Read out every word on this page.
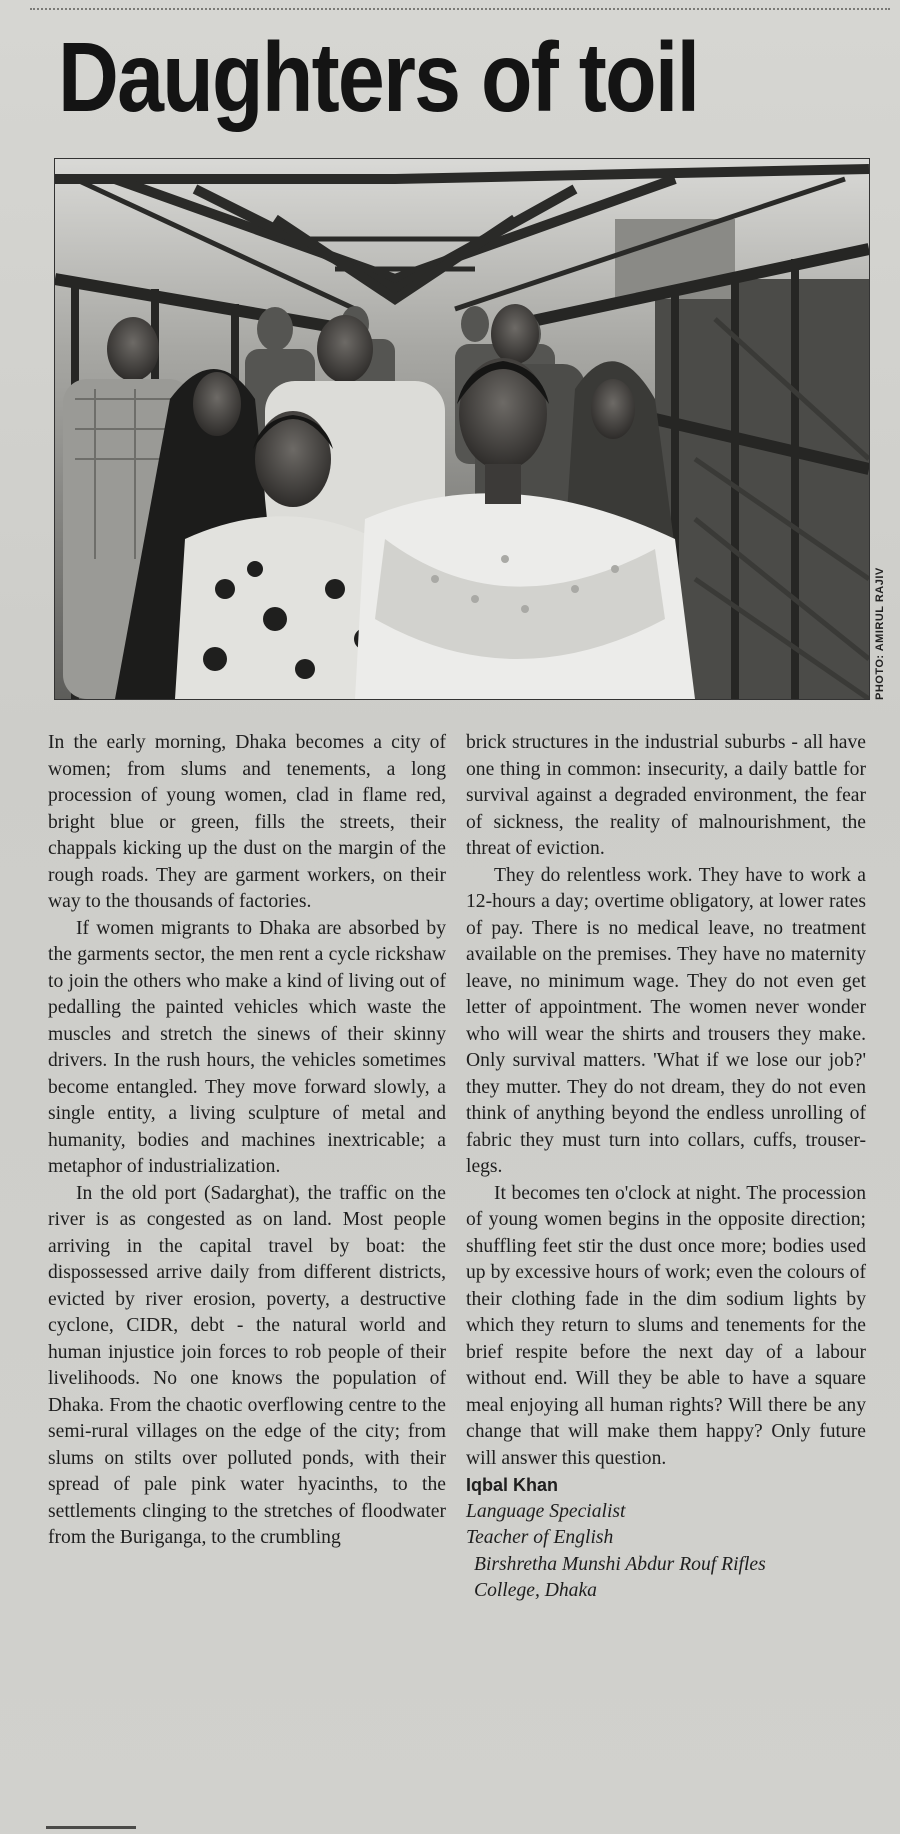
Daughters of toil
PHOTO: AMIRUL RAJIV

In the early morning, Dhaka becomes a city of women; from slums and tenements, a long procession of young women, clad in flame red, bright blue or green, fills the streets, their chappals kicking up the dust on the margin of the rough roads. They are garment workers, on their way to the thousands of factories.

If women migrants to Dhaka are absorbed by the garments sector, the men rent a cycle rickshaw to join the others who make a kind of living out of pedalling the painted vehicles which waste the muscles and stretch the sinews of their skinny drivers. In the rush hours, the vehicles sometimes become entangled. They move forward slowly, a single entity, a living sculpture of metal and humanity, bodies and machines inextricable; a metaphor of industrialization.

In the old port (Sadarghat), the traffic on the river is as congested as on land. Most people arriving in the capital travel by boat: the dispossessed arrive daily from different districts, evicted by river erosion, poverty, a destructive cyclone, CIDR, debt - the natural world and human injustice join forces to rob people of their livelihoods. No one knows the population of Dhaka. From the chaotic overflowing centre to the semi-rural villages on the edge of the city; from slums on stilts over polluted ponds, with their spread of pale pink water hyacinths, to the settlements clinging to the stretches of floodwater from the Buriganga, to the crumbling

brick structures in the industrial suburbs - all have one thing in common: insecurity, a daily battle for survival against a degraded environment, the fear of sickness, the reality of malnourishment, the threat of eviction.

They do relentless work. They have to work a 12-hours a day; overtime obligatory, at lower rates of pay. There is no medical leave, no treatment available on the premises. They have no maternity leave, no minimum wage. They do not even get letter of appointment. The women never wonder who will wear the shirts and trousers they make. Only survival matters. 'What if we lose our job?' they mutter. They do not dream, they do not even think of anything beyond the endless unrolling of fabric they must turn into collars, cuffs, trouser-legs.

It becomes ten o'clock at night. The procession of young women begins in the opposite direction; shuffling feet stir the dust once more; bodies used up by excessive hours of work; even the colours of their clothing fade in the dim sodium lights by which they return to slums and tenements for the brief respite before the next day of a labour without end. Will they be able to have a square meal enjoying all human rights? Will there be any change that will make them happy? Only future will answer this question.

Iqbal Khan
Language Specialist
Teacher of English
Birshretha Munshi Abdur Rouf Rifles
College, Dhaka
